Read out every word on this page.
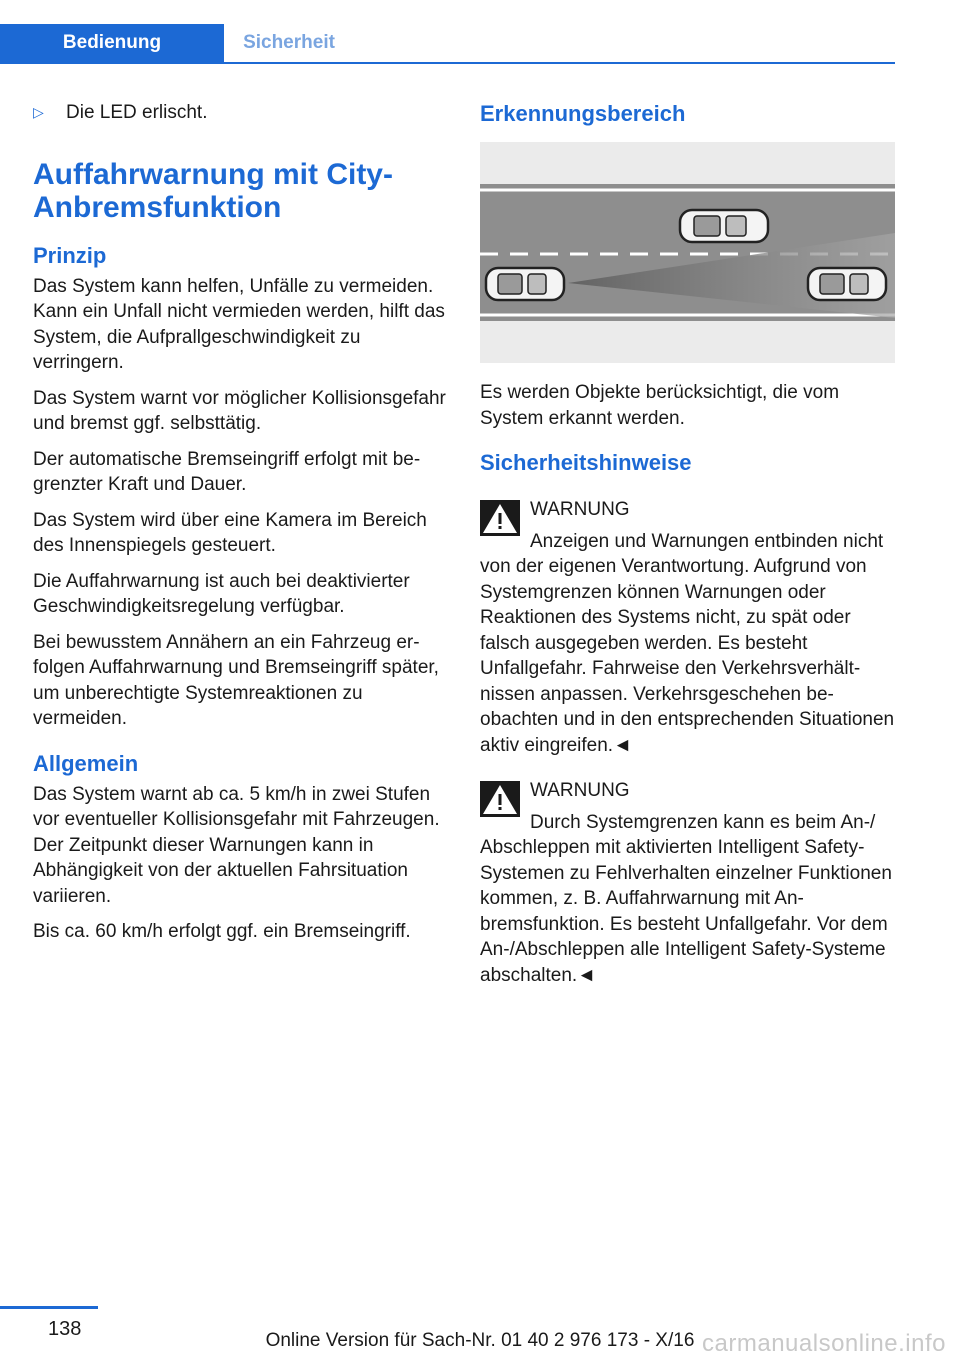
Bedienung	Sicherheit
▷	Die LED erlischt.
Auffahrwarnung mit City-Anbremsfunktion
Prinzip

Das System kann helfen, Unfälle zu vermeiden. Kann ein Unfall nicht vermieden werden, hilft das System, die Aufprallgeschwindigkeit zu verringern.

Das System warnt vor möglicher Kollisionsgefahr und bremst ggf. selbsttätig.

Der automatische Bremseingriff erfolgt mit begrenzter Kraft und Dauer.

Das System wird über eine Kamera im Bereich des Innenspiegels gesteuert.

Die Auffahrwarnung ist auch bei deaktivierter Geschwindigkeitsregelung verfügbar.

Bei bewusstem Annähern an ein Fahrzeug erfolgen Auffahrwarnung und Bremseingriff später, um unberechtigte Systemreaktionen zu vermeiden.

Allgemein

Das System warnt ab ca. 5 km/h in zwei Stufen vor eventueller Kollisionsgefahr mit Fahrzeugen. Der Zeitpunkt dieser Warnungen kann in Abhängigkeit von der aktuellen Fahrsituation variieren.

Bis ca. 60 km/h erfolgt ggf. ein Bremseingriff.

Erkennungsbereich

Es werden Objekte berücksichtigt, die vom System erkannt werden.

Sicherheitshinweise
WARNUNG

Anzeigen und Warnungen entbinden nicht von der eigenen Verantwortung. Aufgrund von Systemgrenzen können Warnungen oder Reaktionen des Systems nicht, zu spät oder falsch ausgegeben werden. Es besteht Unfallgefahr. Fahrweise den Verkehrsverhältnissen anpassen. Verkehrsgeschehen beobachten und in den entsprechenden Situationen aktiv eingreifen.◄

WARNUNG

Durch Systemgrenzen kann es beim An-/ Abschleppen mit aktivierten Intelligent Safety-Systemen zu Fehlverhalten einzelner Funktionen kommen, z. B. Auffahrwarnung mit Anbremsfunktion. Es besteht Unfallgefahr. Vor dem An-/Abschleppen alle Intelligent Safety-Systeme abschalten.◄

138
Online Version für Sach-Nr. 01 40 2 976 173 - X/16 carmanualsonline.info
